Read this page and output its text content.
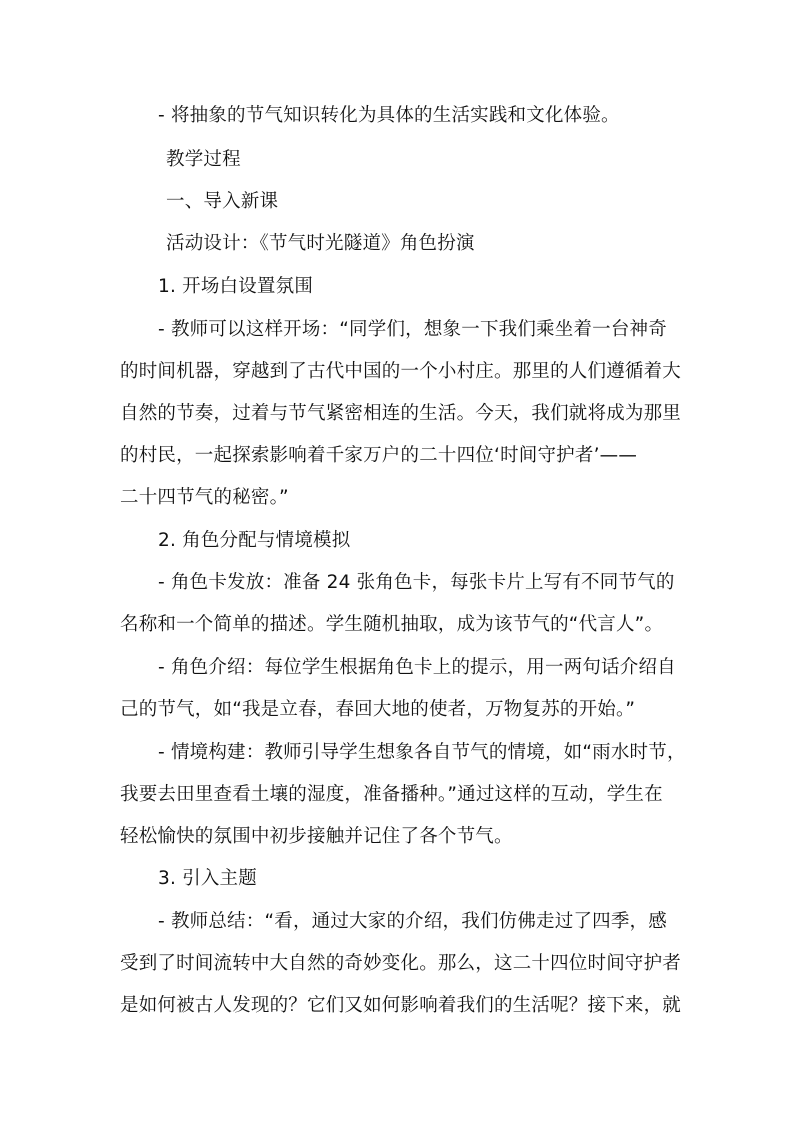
- 将抽象的节气知识转化为具体的生活实践和文化体验。
教学过程
一、导入新课
活动设计：《节气时光隧道》角色扮演
1. 开场白设置氛围
- 教师可以这样开场：“同学们，想象一下我们乘坐着一台神奇
的时间机器，穿越到了古代中国的一个小村庄。那里的人们遵循着大
自然的节奏，过着与节气紧密相连的生活。今天，我们就将成为那里
的村民，一起探索影响着千家万户的二十四位‘时间守护者’——
二十四节气的秘密。”
2. 角色分配与情境模拟
- 角色卡发放：准备 24 张角色卡，每张卡片上写有不同节气的
名称和一个简单的描述。学生随机抽取，成为该节气的“代言人”。
- 角色介绍：每位学生根据角色卡上的提示，用一两句话介绍自
己的节气，如“我是立春，春回大地的使者，万物复苏的开始。”
- 情境构建：教师引导学生想象各自节气的情境，如“雨水时节，
我要去田里查看土壤的湿度，准备播种。”通过这样的互动，学生在
轻松愉快的氛围中初步接触并记住了各个节气。
3. 引入主题
- 教师总结：“看，通过大家的介绍，我们仿佛走过了四季，感
受到了时间流转中大自然的奇妙变化。那么，这二十四位时间守护者
是如何被古人发现的？它们又如何影响着我们的生活呢？接下来，就
